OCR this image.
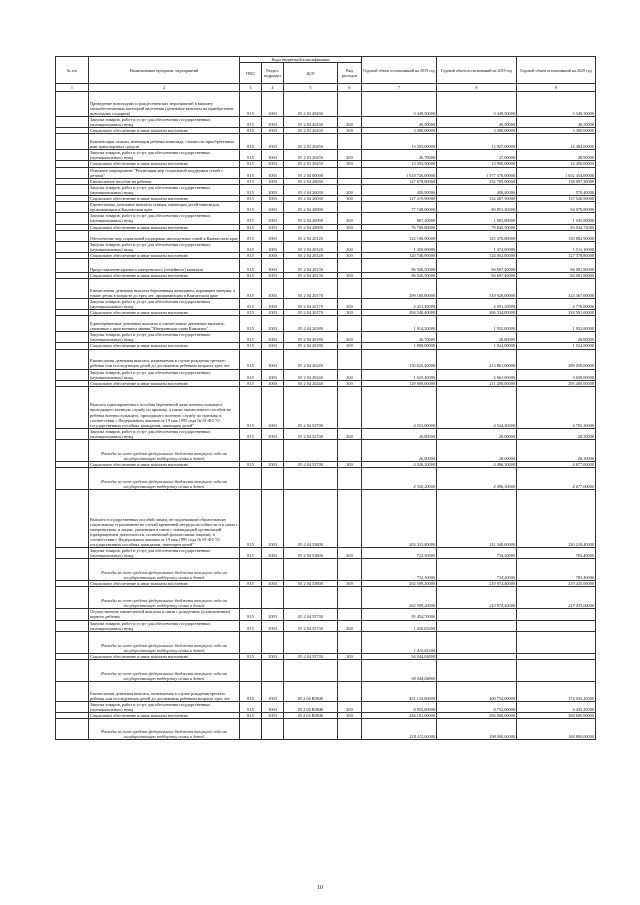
№ п/п	Наименование программ, мероприятий	Коды бюджетной классификации				Годовой объем ассигнований на 2019 год	Годовой объем ассигнований на 2019 год	Годовой объем ассигнований на 2020 год
		ГРБС	Раздел, подраздел	ЦСР	Вид расходов			
1	2	3	4	5	6	7	8	9
	Проведение новогодних и рождественских мероприятий в выплату малообеспеченных категорий населения (денежные выплаты на приобретение новогодних подарков)	815	1003	05 2 03 20430		3 349,50000	3 349,50000	3 349,50000
	Закупка товаров, работ и услуг для обеспечения государственных (муниципальных) нужд	815	1003	05 2 03 20430	200	49,50000	49,50000	49,50000
	Социальное обеспечение и иные выплаты населению	815	1003	05 2 03 20430	300	3 300,00000	3 300,00000	3 300,00000
	Компенсация семьям, имеющим ребенка-инвалида, стоимости приобретенных ими транспортных средств	815	1003	05 2 03 20450		13 393,00000	12 927,00000	14 484,00000
	Закупка товаров, работ и услуг для обеспечения государственных (муниципальных) нужд	815	1003	05 2 03 20450	200	26,70000	27,00000	28,90000
	Социальное обеспечение и иные выплаты населению	815	1003	05 2 03 20450	300	13 393,50000	13 900,00000	14 456,00000
	Основное мероприятие "Реализация мер социальной поддержки семей с детьми"	815	1003	05 2 04 00000		1 618 726,00000	1 577 576,00000	1 652 454,00000
	Ежемесячное пособие на ребенка	815	1003	05 2 04 20030		127 678,80000	132 785,90000	138 097,30000
	Закупка товаров, работ и услуг для обеспечения государственных (муниципальных) нужд	815	1003	05 2 04 20030	200	458,90000	498,40000	570,40000
	Социальное обеспечение и иные выплаты населению	815	1003	05 2 04 20030	300	127 219,90000	132 287,50000	137 526,90000
	Ежемесячные денежные выплаты семьям, имеющим детей-инвалидов, проживающим в Камчатском крае	815	1003	05 2 04 20090		77 748,00000	80 851,30000	84 079,80000
	Закупка товаров, работ и услуг для обеспечения государственных (муниципальных) нужд	815	1003	05 2 04 20090	200	967,20000	1 005,80000	1 045,80000
	Социальное обеспечение и иные выплаты населению	815	1003	05 2 04 20090	300	76 780,80000	79 845,50000	83 034,72000
	Обеспечение мер социальной поддержки многодетных семей в Камчатском крае	815	1003	05 2 04 20120		122 196,90000	125 476,80000	130 882,90000
	Закупка товаров, работ и услуг для обеспечения государственных (муниципальных) нужд	815	1003	05 2 04 20120	200	1 450,00000	1 474,00000	1 511,10000
	Социальное обеспечение и иные выплаты населению	815	1003	05 2 04 20120	300	120 746,90000	124 002,80000	127 378,80000
	Предоставление краевого материнского (семейного) капитала	815	1003	05 2 04 20130		86 926,50000	84 697,40000	84 081,80000
	Социальное обеспечение и иные выплаты населению	815	1003	05 2 04 20130	300	86 926,50000	84 697,40000	84 081,80000
	Ежемесячная денежная выплата беременным женщинам, кормящим матерям, а также детям в возрасте до трех лет, проживающим в Камчатском крае	815	1003	05 2 04 20170		299 160,80000	310 926,00000	323 367,00000
	Закупка товаров, работ и услуг для обеспечения государственных (муниципальных) нужд	815	1003	05 2 04 20170	200	4 413,40000	4 591,20000	4 776,00000
	Социальное обеспечение и иные выплаты населению	815	1003	05 2 04 20170	300	294 548,40000	306 334,80000	318 591,00000
	Единовременные денежные выплаты и ежемесячные денежные выплаты, связанные с присвоением звания "Материнская слава Камчатки"	815	1003	05 2 04 20180		1 914,20000	1 952,80000	1 952,80000
	Закупка товаров, работ и услуг для обеспечения государственных (муниципальных) нужд	815	1003	05 2 04 20180	200	26,70000	28,80000	28,80000
	Социальное обеспечение и иные выплаты населению	815	1003	05 2 04 20180	300	1 888,00000	1 924,00000	1 924,00000
	Ежемесячная денежная выплата, назначаемая в случае рождения третьего ребенка или последующих детей до достижения ребенком возраста трех лет	815	1003	05 2 04 20240		130 625,40000	213 861,00000	299 058,00000
	Закупка товаров, работ и услуг для обеспечения государственных (муниципальных) нужд	815	1003	05 2 04 20240	200	1 625,40000	2 661,00000	3 658,00000
	Социальное обеспечение и иные выплаты населению	815	1003	05 2 04 20240	300	129 000,00000	211 200,00000	295 400,00000
	Выплата единовременного пособия беременной жене военнослужащего, проходящего военную службу по призыву, а также ежемесячного пособия на ребенка военнослужащего, проходящего военную службу по призыву, в соответствии с Федеральным законом от 19 мая 1995 года № 81-ФЗ "О государственных пособиях гражданам, имеющим детей"	815	1003	05 2 04 52700		4 353,00000	4 524,30000	4 705,30000
	Закупка товаров, работ и услуг для обеспечения государственных (муниципальных) нужд	815	1003	05 2 04 52700	200	26,80000	28,00000	28,30000
	Расходы за счет средств федерального бюджета текущего года на государственную поддержку семьи и детей					26,80000	28,00000	28,30000
	Социальное обеспечение и иные выплаты населению	815	1003	05 2 04 52700	300	4 326,20000	4 496,30000	4 677,00000
	Расходы за счет средств федерального бюджета текущего года на государственную поддержку семьи и детей					4 326,20000	4 496,30000	4 677,00000
	Выплата государственных пособий лицам, не подлежащим обязательному социальному страхованию на случай временной нетрудоспособности и в связи с материнством, и лицам, уволенным в связи с ликвидацией организаций (прекращением деятельности, полномочий физическими лицами), в соответствии с Федеральным законом от 19 мая 1995 года № 81-ФЗ "О государственных пособиях гражданам, имеющим детей"	815	1003	05 2 04 53800		203 331,40000	211 348,60000	220 218,40000
	Закупка товаров, работ и услуг для обеспечения государственных (муниципальных) нужд	815	1003	05 2 04 53800	200	732,30000	734,20000	783,40000
	Расходы за счет средств федерального бюджета текущего года на государственную поддержку семьи и детей					732,30000	734,20000	783,40000
	Социальное обеспечение и иные выплаты населению	815	1003	05 2 04 53800	300	202 599,20000	210 974,40000	219 435,00000
	Расходы за счет средств федерального бюджета текущего года на государственную поддержку семьи и детей					202 599,20000	210 974,40000	219 435,00000
	Осуществление ежемесячной выплаты в связи с рождением (усыновлением) первого ребенка	815	1003	05 2 04 55730		95 454,70000		
	Закупка товаров, работ и услуг для обеспечения государственных (муниципальных) нужд	815	1003	05 2 04 55730	200	1 410,65200		
	Расходы за счет средств федерального бюджета текущего года на государственную поддержку семьи и детей					1 410,65200		
	Социальное обеспечение и иные выплаты населению	815	1003	05 2 04 55730	300	94 044,04800		
	Расходы за счет средств федерального бюджета текущего года на государственную поддержку семьи и детей					94 044,04800		
	Ежемесячная денежная выплата, назначаемая в случае рождения третьего ребенка или последующих детей до достижения ребенком возраста трех лет	815	1003	05 2 04 R0840		451 134,80000	400 752,00000	374 035,20000
	Закупка товаров, работ и услуг для обеспечения государственных (муниципальных) нужд	815	1003	05 2 04 R0840	200	4 953,80000	4 752,00000	4 435,20000
	Социальное обеспечение и иные выплаты населению	815	1003	05 2 04 R0840	300	446 181,00000	396 000,00000	369 600,00000
	Расходы за счет средств федерального бюджета текущего года на государственную поддержку семьи и детей					218 112,00000	198 000,00000	184 800,00000
10
